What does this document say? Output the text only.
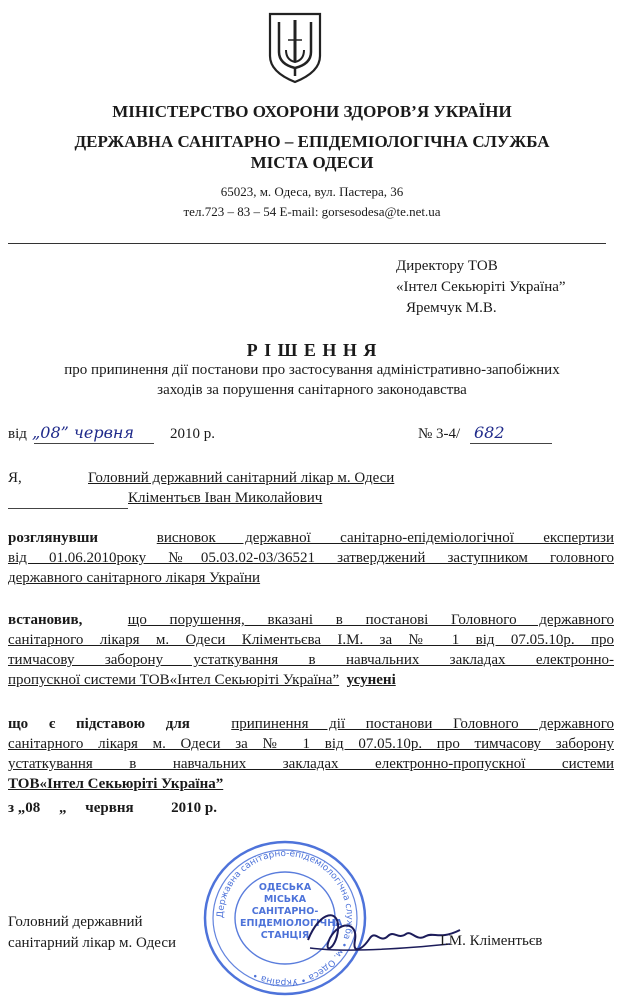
МІНІСТЕРСТВО ОХОРОНИ ЗДОРОВ’Я УКРАЇНИ
ДЕРЖАВНА САНІТАРНО – ЕПІДЕМІОЛОГІЧНА СЛУЖБА
МІСТА ОДЕСИ
65023, м. Одеса, вул. Пастера, 36
тел.723 – 83 – 54 E-mail: gorsesodesa@te.net.ua
Директору ТОВ
«Інтел Секьюріті Україна”
Яремчук М.В.
Р І Ш Е Н Н Я
про припинення дії постанови про застосування адміністративно-запобіжних
заходів за порушення санітарного законодавства
від „08” червня 2010 р.	№ 3-4/ 682
Я,	Головний державний санітарний лікар м. Одеси
Кліментьєв Іван Миколайович
розглянувши	висновок державної санітарно-епідеміологічної експертизи
від 01.06.2010року №05.03.02-03/36521 затверджений заступником головного
державного санітарного лікаря України
встановив,	що порушення, вказані в постанові Головного державного
санітарного лікаря м. Одеси Кліментьєва І.М. за № 1 від 07.05.10р. про
тимчасову заборону устаткування в навчальних закладах електронно-
пропускної системи ТОВ«Інтел Секьюріті Україна” усунені
що є підставою для	припинення дії постанови Головного державного
санітарного лікаря м. Одеси за № 1 від 07.05.10р. про тимчасову заборону
устаткування в навчальних закладах електронно-пропускної системи
ТОВ«Інтел Секьюріті Україна”
з „08     „     червня          2010 р.
Державна санітарно-епідеміологічна служба • м. Одеса • Україна •
ОДЕСЬКА МІСЬКА САНІТАРНО-ЕПІДЕМІОЛОГІЧНА СТАНЦІЯ
Головний державний
санітарний лікар м. Одеси	І.М. Кліментьєв
